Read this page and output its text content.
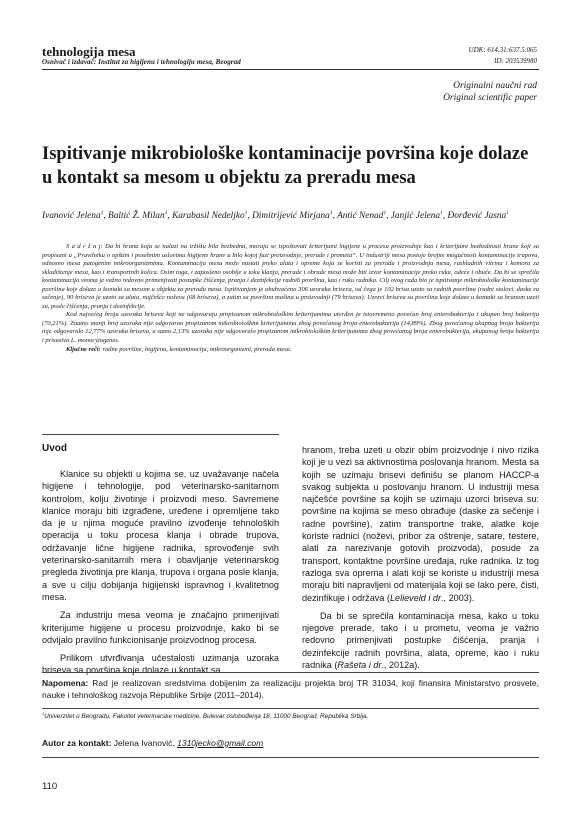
tehnologija mesa
Osnivač i izdavač: Institut za higijenu i tehnologiju mesa, Beograd
UDK: 614.31:637.5.065
ID: 203539980
Originalni naučni rad
Original scientific paper
Ispitivanje mikrobiološke kontaminacije površina koje dolaze u kontakt sa mesom u objektu za preradu mesa
Ivanović Jelena$^1$, Baltić Ž. Milan$^1$, Karabasil Nedeljko$^1$, Dimitrijević Mirjana$^1$, Antić Nenad$^1$, Janjić Jelena$^1$, Đorđević Jasna$^1$

S a d r ž a j: Da bi hrana koja se nalazi na tržištu bila bezbedna, moraju se ispoštovati kriterijumi higijene u procesu proizvodnje kao i kriterijumi bezbednosti hrane koji su propisani u „Pravilniku o opštim i posebnim uslovima higijene hrane u bilo kojoj fazi proizvodnje, prerade i prometa“. U industriji mesa postoje brojne mogućnosti kontaminacije trupova, odnosno mesa patogenim mikroorganizmima. Kontaminacija mesa može nastati preko alata i opreme koja se koristi za preradu i proizvodnju mesa, rashladnih vitrina i komora za skladištenje mesa, kao i transportnih kolica. Osim toga, i zaposleno osoblje u toku klanja, prerade i obrade mesa može biti izvor kontaminacije preko ruku, odeće i obuće. Da bi se sprečila kontaminacija veoma je važno redovno primenjivati postupke čišćenja, pranja i dezinfekcije radnih površina, kao i ruku radnika. Cilj ovog rada bio je ispitivanje mikrobiološke kontaminacije površina koje dolaze u kontakt sa mesom u objektu za preradu mesa. Ispitivanjem je obuhvaćeno 306 uzoraka briseva, od čega je 102 brisa uzeto sa radnih površina (radni stolovi, daske za sečenje), 90 briseva je uzeto sa alata, najčešće noževa (68 briseva), a zatim sa površina mašina u proizvodnji (79 briseva). Uzorci briseva sa površina koje dolaze u kontakt sa hranom uzeti su, posle čišćenja, pranja i dezinfekcije.

Kod najvećeg broja uzoraka briseva koji ne odgovaraju propisanom mikrobiološkim kriterijumima utvrđen je istovremeno povećan broj enterobakterija i ukupan broj bakterija (70,21%). Znatno manji broj uzoraka nije odgovarao propisanom mikrobiološkim kriterijumima zbog povećanog broja enterobakterija (14,89%). Zbog povećanog ukupnog broja bakterija nije odgovaralo 12,77% uzoraka briseva, a samo 2,13% uzoraka nije odgovaralo propisanom mikrobiološkim kriterijumima zbog povećanog broja enterobakterija, ukupanog broja bakterija i prisustva L. monocytogenes.

Ključne reči: radne površine, higijena, kontaminacija, mikroorganizmi, prerada mesa.

Uvod

Klanice su objekti u kojima se, uz uvažavanje načela higijene i tehnologije, pod veterinarsko-sanitarnom kontrolom, kolju životinje i proizvodi meso. Savremene klanice moraju biti izgrađene, uređene i opremljene tako da je u njima moguće pravilno izvođenje tehnoloških operacija u toku procesa klanja i obrade trupova, održavanje lične higijene radnika, sprovođenje svih veterinarsko-sanitarnih mera i obavljanje veterinarskog pregleda životinja pre klanja, trupova i organa posle klanja, a sve u cilju dobijanja higijenski ispravnog i kvalitetnog mesa.

Za industriju mesa veoma je značajno primenjivati kriterijume higijene u procesu proizvodnje, kako bi se odvijalo pravilno funkcionisanje proizvodnog procesa.

Prilikom utvrđivanja učestalosti uzimanja uzoraka briseva sa površina koje dolaze u kontakt sa

hranom, treba uzeti u obzir obim proizvodnje i nivo rizika koji je u vezi sa aktivnostima poslovanja hranom. Mesta sa kojih se uzimaju brisevi definišu se planom HACCP-a svakog subjekta u poslovanju hranom. U industriji mesa najčešće površine sa kojih se uzimaju uzorci briseva su: površine na kojima se meso obrađuje (daske za sečenje i radne površine), zatim transportne trake, alatke koje koriste radnici (noževi, pribor za oštrenje, satare, testere, alati za narezivanje gotovih proizvoda), posude za transport, kontaktne površine uređaja, ruke radnika. Iz tog razloga sva oprema i alati koji se koriste u industriji mesa moraju biti napravljeni od materijala koji se lako pere, čisti, dezinfikuje i održava (Lelieveld i dr., 2003).

Da bi se sprečila kontaminacija mesa, kako u toku njegove prerade, tako i u prometu, veoma je važno redovno primenjivati postupke čišćenja, pranja i dezinfekcije radnih površina, alata, opreme, kao i ruku radnika (Rašeta i dr., 2012a).

Napomena: Rad je realizovan sredstvima dobijenim za realizaciju projekta broj TR 31034, koji finansira Ministarstvo prosvete, nauke i tehnološkog razvoja Republike Srbije (2011–2014).
$^1$Univerzitet u Beogradu, Fakultet veterinarske medicine, Bulevar oslobođenja 18, 11000 Beograd, Republika Srbija.
Autor za kontakt: Jelena Ivanović, 1310jecko@gmail.com
110
